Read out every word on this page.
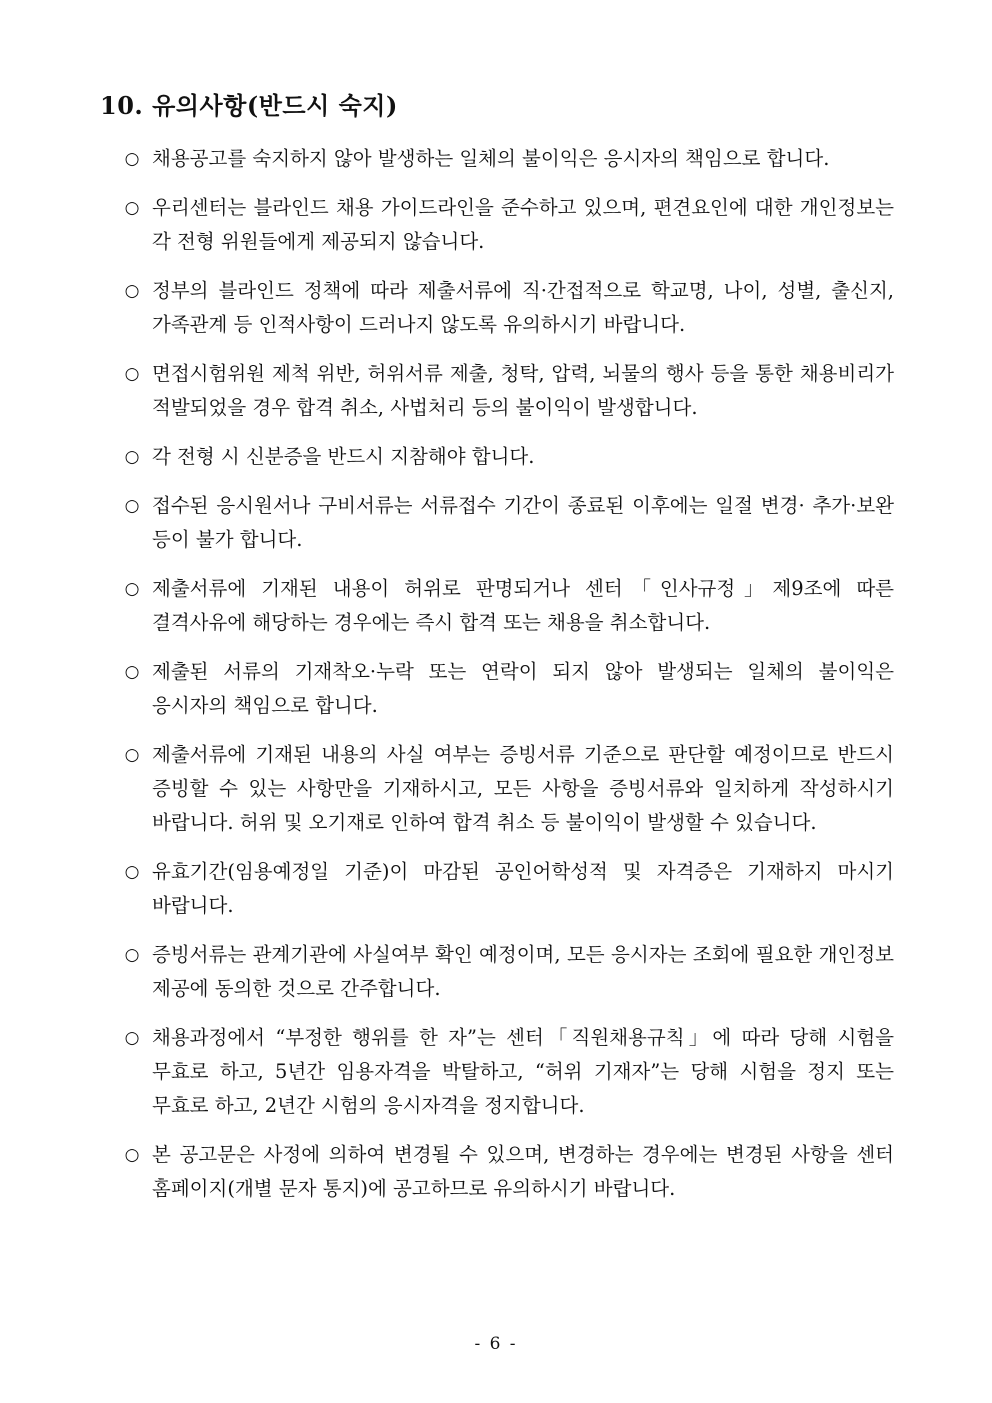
10. 유의사항(반드시 숙지)
○ 채용공고를 숙지하지 않아 발생하는 일체의 불이익은 응시자의 책임으로 합니다.
○ 우리센터는 블라인드 채용 가이드라인을 준수하고 있으며, 편견요인에 대한 개인정보는 각 전형 위원들에게 제공되지 않습니다.
○ 정부의 블라인드 정책에 따라 제출서류에 직·간접적으로 학교명, 나이, 성별, 출신지, 가족관계 등 인적사항이 드러나지 않도록 유의하시기 바랍니다.
○ 면접시험위원 제척 위반, 허위서류 제출, 청탁, 압력, 뇌물의 행사 등을 통한 채용비리가 적발되었을 경우 합격 취소, 사법처리 등의 불이익이 발생합니다.
○ 각 전형 시 신분증을 반드시 지참해야 합니다.
○ 접수된 응시원서나 구비서류는 서류접수 기간이 종료된 이후에는 일절 변경· 추가·보완 등이 불가 합니다.
○ 제출서류에 기재된 내용이 허위로 판명되거나 센터「인사규정」제9조에 따른 결격사유에 해당하는 경우에는 즉시 합격 또는 채용을 취소합니다.
○ 제출된 서류의 기재착오·누락 또는 연락이 되지 않아 발생되는 일체의 불이익은 응시자의 책임으로 합니다.
○ 제출서류에 기재된 내용의 사실 여부는 증빙서류 기준으로 판단할 예정이므로 반드시 증빙할 수 있는 사항만을 기재하시고, 모든 사항을 증빙서류와 일치하게 작성하시기 바랍니다. 허위 및 오기재로 인하여 합격 취소 등 불이익이 발생할 수 있습니다.
○ 유효기간(임용예정일 기준)이 마감된 공인어학성적 및 자격증은 기재하지 마시기 바랍니다.
○ 증빙서류는 관계기관에 사실여부 확인 예정이며, 모든 응시자는 조회에 필요한 개인정보 제공에 동의한 것으로 간주합니다.
○ 채용과정에서 “부정한 행위를 한 자”는 센터「직원채용규칙」에 따라 당해 시험을 무효로 하고, 5년간 임용자격을 박탈하고, “허위 기재자”는 당해 시험을 정지 또는 무효로 하고, 2년간 시험의 응시자격을 정지합니다.
○ 본 공고문은 사정에 의하여 변경될 수 있으며, 변경하는 경우에는 변경된 사항을 센터 홈페이지(개별 문자 통지)에 공고하므로 유의하시기 바랍니다.
- 6 -
